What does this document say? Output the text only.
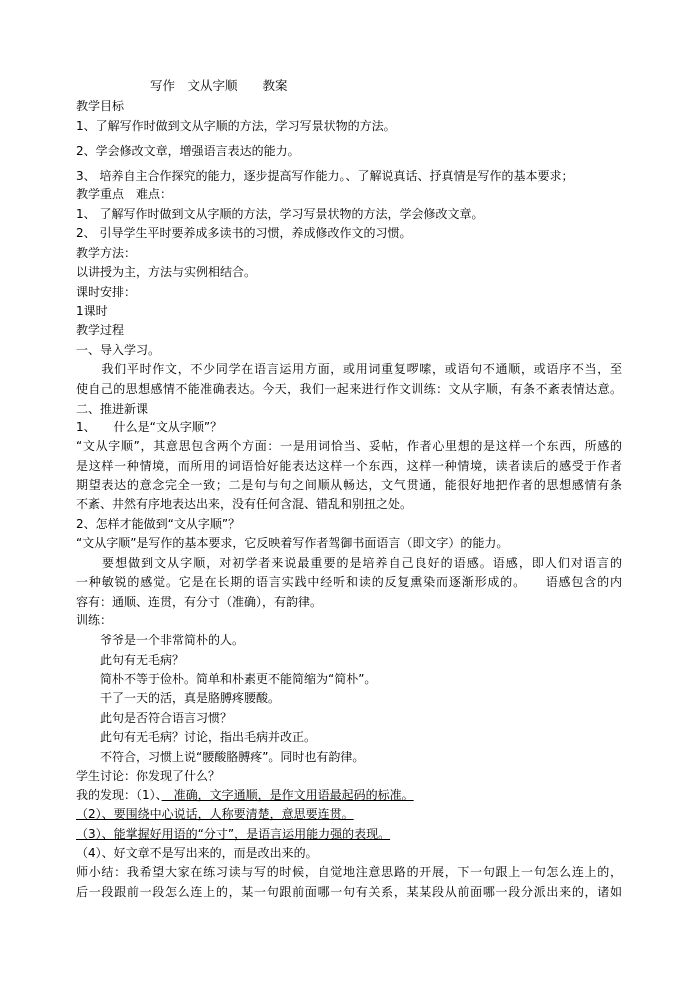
写作　文从字顺　　教案
教学目标
1、了解写作时做到文从字顺的方法，学习写景状物的方法。
2、学会修改文章，增强语言表达的能力。
3、 培养自主合作探究的能力，逐步提高写作能力。、了解说真话、抒真情是写作的基本要求；
教学重点　难点：
1、 了解写作时做到文从字顺的方法，学习写景状物的方法，学会修改文章。
2、 引导学生平时要养成多读书的习惯，养成修改作文的习惯。
教学方法：
以讲授为主，方法与实例相结合。
课时安排：
1课时
教学过程
一、导入学习。
　　我们平时作文，不少同学在语言运用方面，或用词重复啰嗦，或语句不通顺，或语序不当，至
使自己的思想感情不能准确表达。今天，我们一起来进行作文训练：文从字顺，有条不紊表情达意。
二、推进新课
1、　　什么是“文从字顺”？
“文从字顺”，其意思包含两个方面：一是用词恰当、妥帖，作者心里想的是这样一个东西，所感的
是这样一种情境，而所用的词语恰好能表达这样一个东西，这样一种情境，读者读后的感受于作者
期望表达的意念完全一致；二是句与句之间顺从畅达，文气贯通，能很好地把作者的思想感情有条
不紊、井然有序地表达出来，没有任何含混、错乱和别扭之处。
2、怎样才能做到“文从字顺”？
“文从字顺”是写作的基本要求，它反映着写作者驾御书面语言（即文字）的能力。
　　要想做到文从字顺，对初学者来说最重要的是培养自己良好的语感。语感，即人们对语言的
一种敏锐的感觉。它是在长期的语言实践中经听和读的反复熏染而逐渐形成的。　　语感包含的内
容有：通顺、连贯，有分寸（准确），有韵律。
训练：
爷爷是一个非常简朴的人。
此句有无毛病？
简朴不等于俭朴。简单和朴素更不能简缩为“简朴”。
干了一天的活，真是胳膊疼腰酸。
此句是否符合语言习惯？
此句有无毛病？讨论，指出毛病并改正。
不符合，习惯上说“腰酸胳膊疼”。同时也有韵律。
学生讨论：你发现了什么？
我的发现：（1）、　准确，文字通顺，是作文用语最起码的标准。
（2）、要围绕中心说话，人称要清楚，意思要连贯。
（3）、能掌握好用语的“分寸”，是语言运用能力强的表现。
（4）、好文章不是写出来的，而是改出来的。
师小结：我希望大家在练习读与写的时候，自觉地注意思路的开展，下一句跟上一句怎么连上的，
后一段跟前一段怎么连上的，某一句跟前面哪一句有关系，某某段从前面哪一段分派出来的，诸如
